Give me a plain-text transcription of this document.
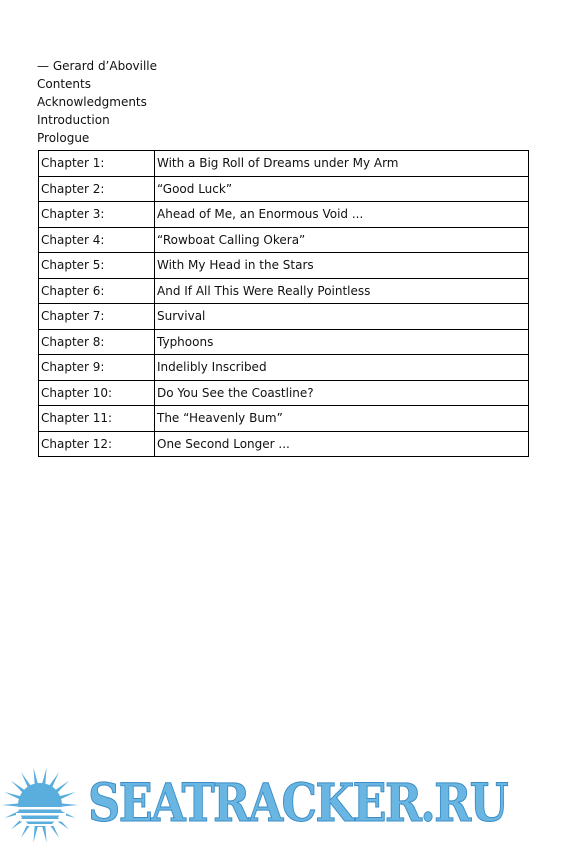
— Gerard d’Aboville
Contents
Acknowledgments
Introduction
Prologue
Chapter 1:	With a Big Roll of Dreams under My Arm
Chapter 2:	“Good Luck”
Chapter 3:	Ahead of Me, an Enormous Void ...
Chapter 4:	“Rowboat Calling Okera”
Chapter 5:	With My Head in the Stars
Chapter 6:	And If All This Were Really Pointless
Chapter 7:	Survival
Chapter 8:	Typhoons
Chapter 9:	Indelibly Inscribed
Chapter 10:	Do You See the Coastline?
Chapter 11:	The “Heavenly Bum”
Chapter 12:	One Second Longer ...
SEATRACKER.RU
